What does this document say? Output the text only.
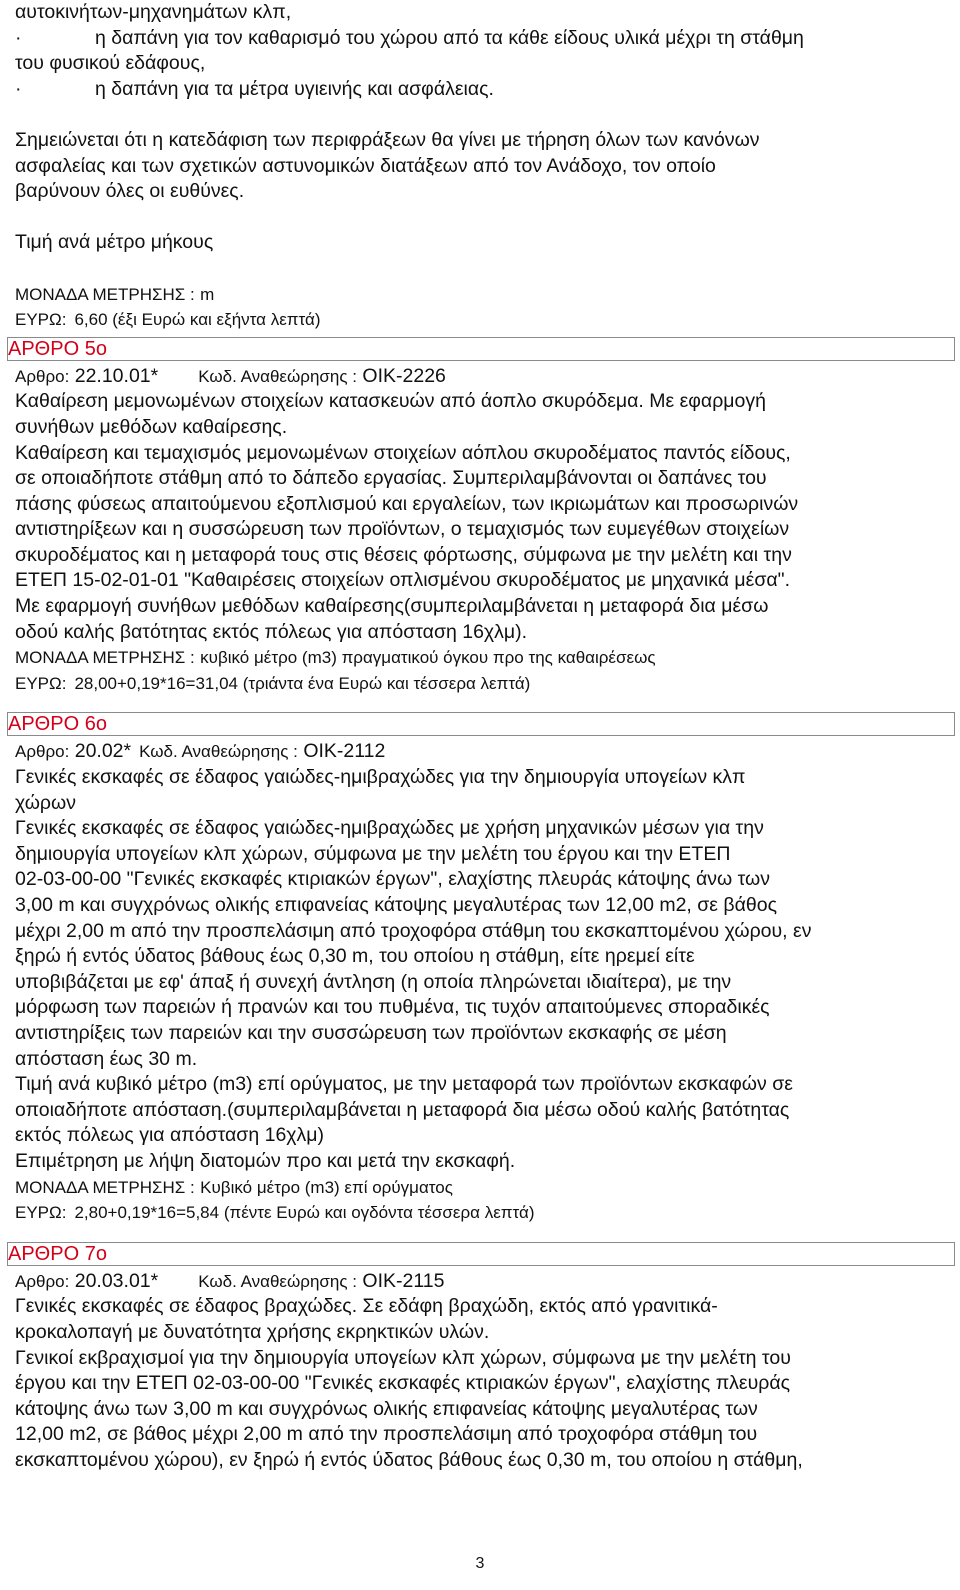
αυτοκινήτων-μηχανημάτων κλπ,

·	η δαπάνη για τον καθαρισμό του χώρου από τα κάθε είδους υλικά μέχρι τη στάθμη

του φυσικού εδάφους,

·	η δαπάνη για τα μέτρα υγιεινής και ασφάλειας.

Σημειώνεται ότι η κατεδάφιση των περιφράξεων θα γίνει με τήρηση όλων των κανόνων

ασφαλείας και των σχετικών αστυνομικών διατάξεων από τον Ανάδοχο, τον οποίο

βαρύνουν όλες οι ευθύνες.

Τιμή ανά μέτρο μήκους

ΜΟΝΑΔΑ ΜΕΤΡΗΣΗΣ : m

ΕΥΡΩ: 6,60 (έξι Ευρώ και εξήντα λεπτά)

ΑΡΘΡΟ 5ο

Αρθρο: 22.10.01* Κωδ. Αναθεώρησης : ΟΙΚ-2226

Καθαίρεση μεμονωμένων στοιχείων κατασκευών από άοπλο σκυρόδεμα. Με εφαρμογή

συνήθων μεθόδων καθαίρεσης.

Καθαίρεση και τεμαχισμός μεμονωμένων στοιχείων αόπλου σκυροδέματος παντός είδους,

σε οποιαδήποτε στάθμη από το δάπεδο εργασίας. Συμπεριλαμβάνονται οι δαπάνες του

πάσης φύσεως απαιτούμενου εξοπλισμού και εργαλείων, των ικριωμάτων και προσωρινών

αντιστηρίξεων και η συσσώρευση των προϊόντων, ο τεμαχισμός των ευμεγέθων στοιχείων

σκυροδέματος και η μεταφορά τους στις θέσεις φόρτωσης, σύμφωνα με την μελέτη και την

ΕΤΕΠ 15-02-01-01 "Καθαιρέσεις στοιχείων οπλισμένου σκυροδέματος με μηχανικά μέσα".

Με εφαρμογή συνήθων μεθόδων καθαίρεσης(συμπεριλαμβάνεται η μεταφορά δια μέσω

οδού καλής βατότητας εκτός πόλεως για απόσταση 16χλμ).

ΜΟΝΑΔΑ ΜΕΤΡΗΣΗΣ : κυβικό μέτρο (m3) πραγματικού όγκου προ της καθαιρέσεως

ΕΥΡΩ: 28,00+0,19*16=31,04 (τριάντα ένα Ευρώ και τέσσερα λεπτά)

ΑΡΘΡΟ 6ο

Αρθρο: 20.02* Κωδ. Αναθεώρησης : ΟΙΚ-2112

Γενικές εκσκαφές σε έδαφος γαιώδες-ημιβραχώδες για την δημιουργία υπογείων κλπ

χώρων

Γενικές εκσκαφές σε έδαφος γαιώδες-ημιβραχώδες με χρήση μηχανικών μέσων για την

δημιουργία υπογείων κλπ χώρων, σύμφωνα με την μελέτη του έργου και την ΕΤΕΠ

02-03-00-00 "Γενικές εκσκαφές κτιριακών έργων", ελαχίστης πλευράς κάτοψης άνω των

3,00 m και συγχρόνως ολικής επιφανείας κάτοψης μεγαλυτέρας των 12,00 m2, σε βάθος

μέχρι 2,00 m από την προσπελάσιμη από τροχοφόρα στάθμη του εκσκαπτομένου χώρου, εν

ξηρώ ή εντός ύδατος βάθους έως 0,30 m, του οποίου η στάθμη, είτε ηρεμεί είτε

υποβιβάζεται με εφ' άπαξ ή συνεχή άντληση (η οποία πληρώνεται ιδιαίτερα), με την

μόρφωση των παρειών ή πρανών και του πυθμένα, τις τυχόν απαιτούμενες σποραδικές

αντιστηρίξεις των παρειών και την συσσώρευση των προϊόντων εκσκαφής σε μέση

απόσταση έως 30 m.

Τιμή ανά κυβικό μέτρο (m3) επί ορύγματος, με την μεταφορά των προϊόντων εκσκαφών σε

οποιαδήποτε απόσταση.(συμπεριλαμβάνεται η μεταφορά δια μέσω οδού καλής βατότητας

εκτός πόλεως για απόσταση 16χλμ)

Επιμέτρηση με λήψη διατομών προ και μετά την εκσκαφή.

ΜΟΝΑΔΑ ΜΕΤΡΗΣΗΣ : Κυβικό μέτρο (m3) επί ορύγματος

ΕΥΡΩ: 2,80+0,19*16=5,84 (πέντε Ευρώ και ογδόντα τέσσερα λεπτά)

ΑΡΘΡΟ 7ο

Αρθρο: 20.03.01* Κωδ. Αναθεώρησης : ΟΙΚ-2115

Γενικές εκσκαφές σε έδαφος βραχώδες. Σε εδάφη βραχώδη, εκτός από γρανιτικά-

κροκαλοπαγή με δυνατότητα χρήσης εκρηκτικών υλών.

Γενικοί εκβραχισμοί για την δημιουργία υπογείων κλπ χώρων, σύμφωνα με την μελέτη του

έργου και την ΕΤΕΠ 02-03-00-00 "Γενικές εκσκαφές κτιριακών έργων", ελαχίστης πλευράς

κάτοψης άνω των 3,00 m και συγχρόνως ολικής επιφανείας κάτοψης μεγαλυτέρας των

12,00 m2, σε βάθος μέχρι 2,00 m από την προσπελάσιμη από τροχοφόρα στάθμη του

εκσκαπτομένου χώρου), εν ξηρώ ή εντός ύδατος βάθους έως 0,30 m, του οποίου η στάθμη,

3
